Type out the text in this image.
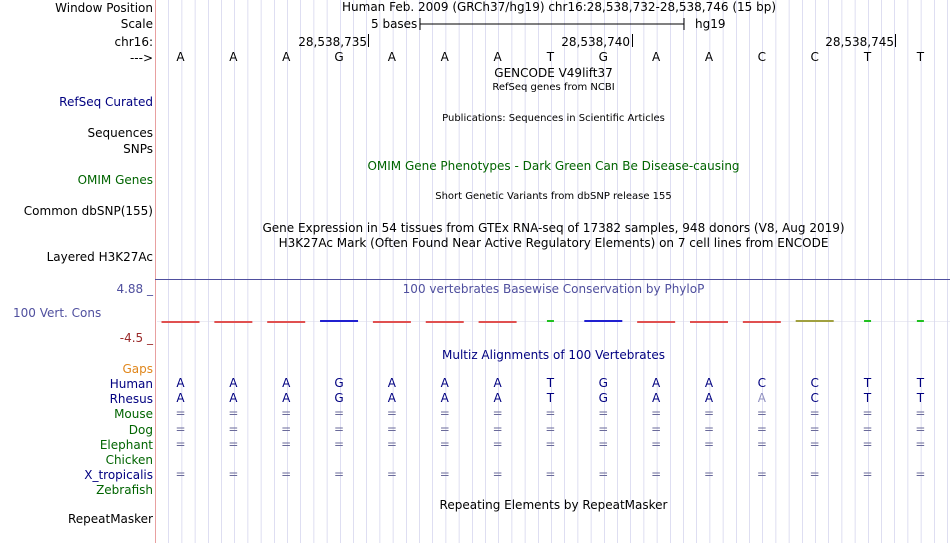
Window Position	Human Feb. 2009 (GRCh37/hg19) chr16:28,538,732-28,538,746 (15 bp)
Scale	5 bases	hg19
chr16:	28,538,735	28,538,740	28,538,745
--->	A	A	A	G	A	A	A	T	G	A	A	C	C	T	T
GENCODE V49lift37
RefSeq genes from NCBI
RefSeq Curated
Publications: Sequences in Scientific Articles
Sequences
SNPs
OMIM Gene Phenotypes - Dark Green Can Be Disease-causing
OMIM Genes
Short Genetic Variants from dbSNP release 155
Common dbSNP(155)
Gene Expression in 54 tissues from GTEx RNA-seq of 17382 samples, 948 donors (V8, Aug 2019)
H3K27Ac Mark (Often Found Near Active Regulatory Elements) on 7 cell lines from ENCODE
Layered H3K27Ac
4.88 _	100 vertebrates Basewise Conservation by PhyloP
100 Vert. Cons
-4.5 _
Multiz Alignments of 100 Vertebrates
Gaps
Human	A	A	A	G	A	A	A	T	G	A	A	C	C	T	T
Rhesus	A	A	A	G	A	A	A	T	G	A	A	A	C	T	T
Mouse	=	=	=	=	=	=	=	=	=	=	=	=	=	=	=
Dog	=	=	=	=	=	=	=	=	=	=	=	=	=	=	=
Elephant	=	=	=	=	=	=	=	=	=	=	=	=	=	=	=
Chicken
X_tropicalis	=	=	=	=	=	=	=	=	=	=	=	=	=	=	=
Zebrafish
Repeating Elements by RepeatMasker
RepeatMasker
